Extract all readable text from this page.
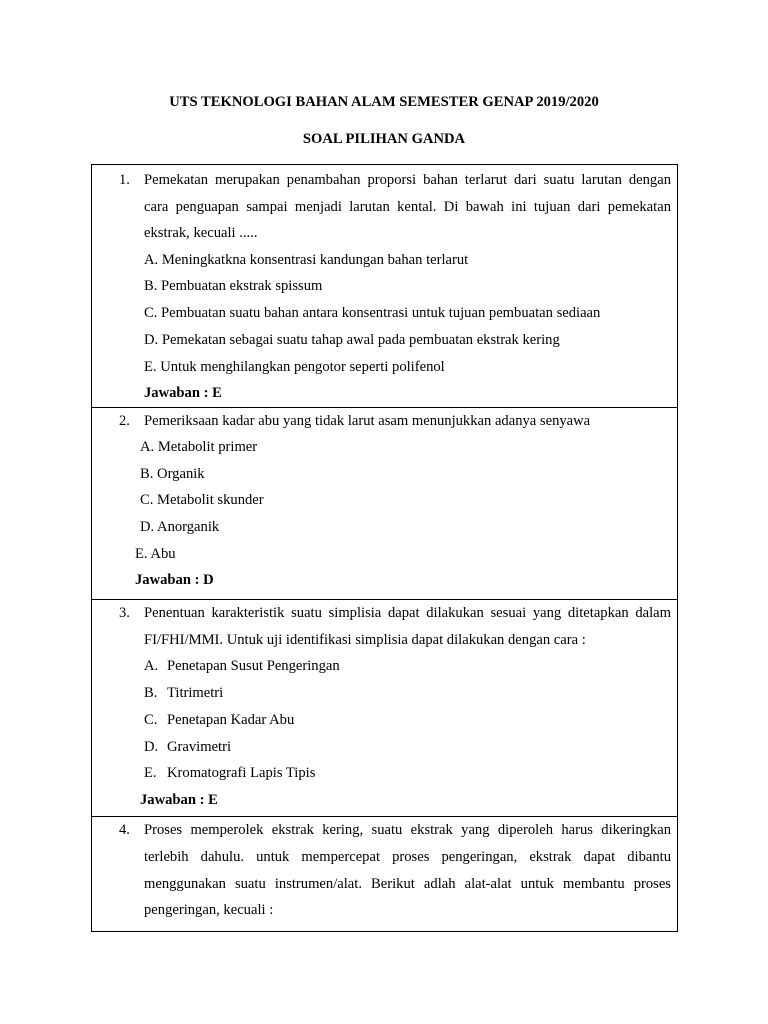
UTS TEKNOLOGI BAHAN ALAM SEMESTER GENAP 2019/2020
SOAL PILIHAN GANDA
1. Pemekatan merupakan penambahan proporsi bahan terlarut dari suatu larutan dengan
cara penguapan sampai menjadi larutan kental. Di bawah ini tujuan dari pemekatan
ekstrak, kecuali .....
A. Meningkatkna konsentrasi kandungan bahan terlarut
B. Pembuatan ekstrak spissum
C. Pembuatan suatu bahan antara konsentrasi untuk tujuan pembuatan sediaan
D. Pemekatan sebagai suatu tahap awal pada pembuatan ekstrak kering
E. Untuk menghilangkan pengotor seperti polifenol
Jawaban : E

2. Pemeriksaan kadar abu yang tidak larut asam menunjukkan adanya senyawa
A. Metabolit primer
B. Organik
C. Metabolit skunder
D. Anorganik
E. Abu
Jawaban : D

3. Penentuan karakteristik suatu simplisia dapat dilakukan sesuai yang ditetapkan dalam
FI/FHI/MMI. Untuk uji identifikasi simplisia dapat dilakukan dengan cara :
A. Penetapan Susut Pengeringan
B. Titrimetri
C. Penetapan Kadar Abu
D. Gravimetri
E. Kromatografi Lapis Tipis
Jawaban : E

4. Proses memperolek ekstrak kering, suatu ekstrak yang diperoleh harus dikeringkan
terlebih dahulu. untuk mempercepat proses pengeringan, ekstrak dapat dibantu
menggunakan suatu instrumen/alat. Berikut adlah alat-alat untuk membantu proses
pengeringan, kecuali :
